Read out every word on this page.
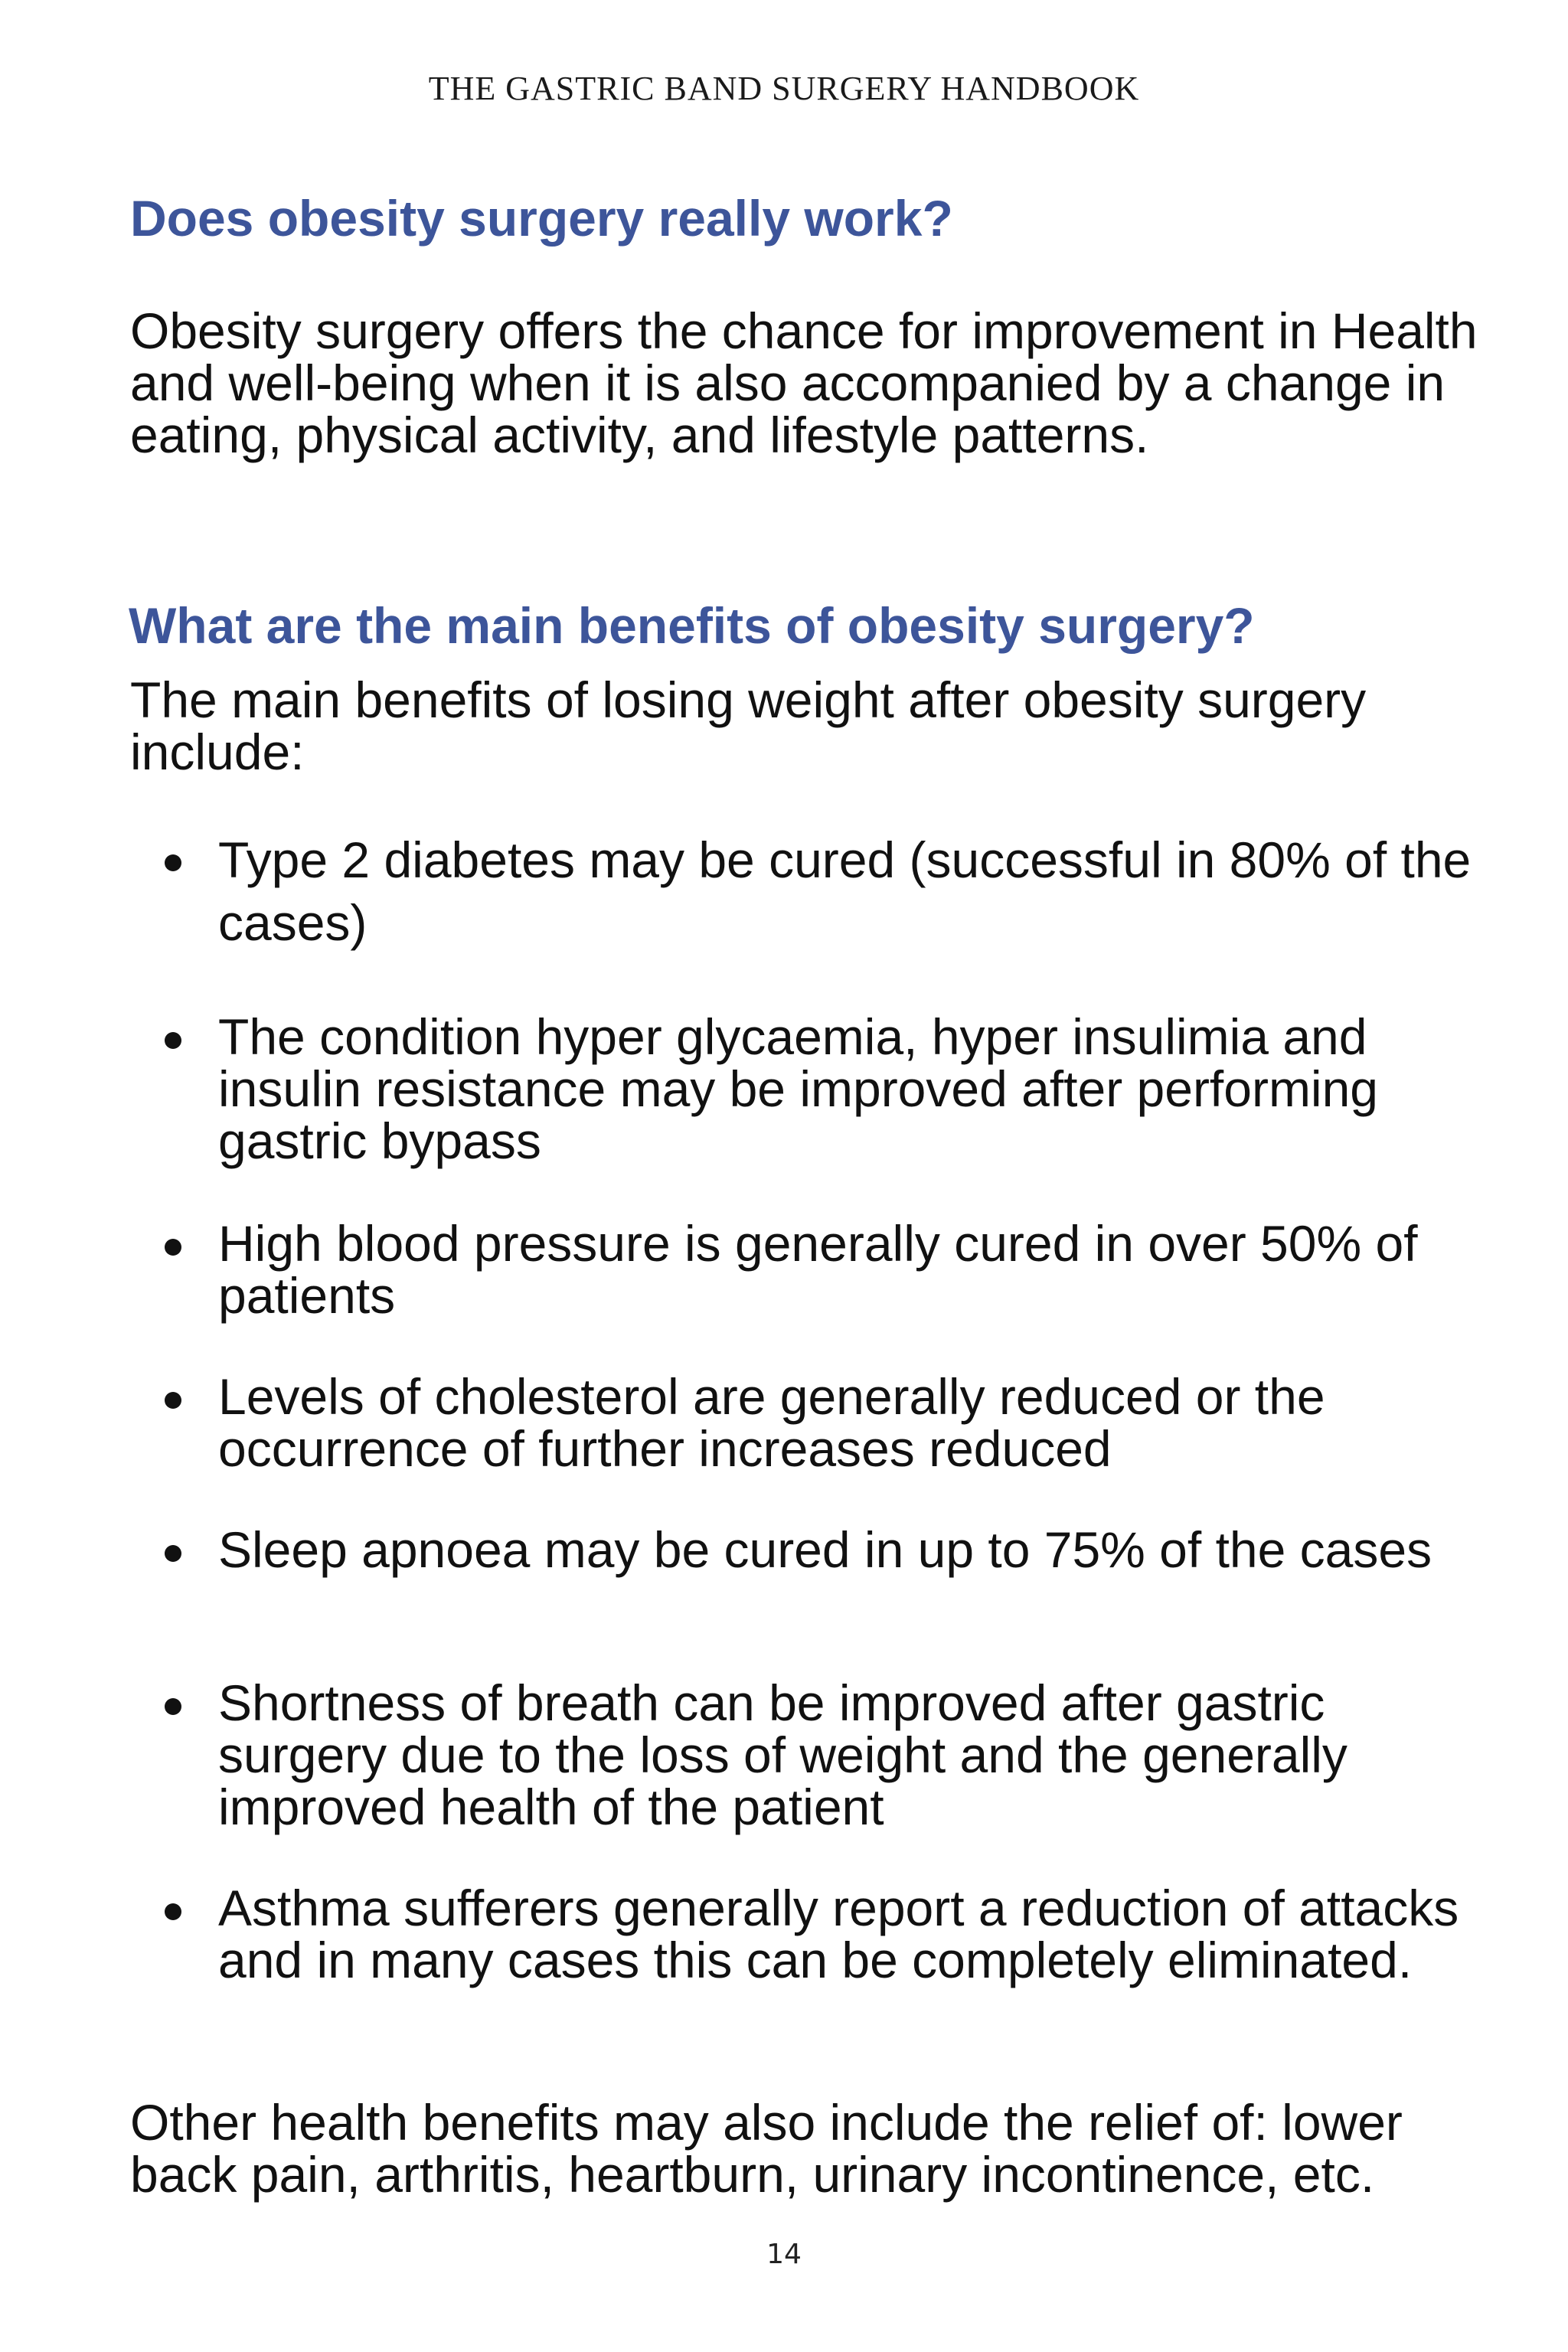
THE GASTRIC BAND SURGERY HANDBOOK
Does obesity surgery really work?

Obesity surgery offers the chance for improvement in Health and well-being when it is also accompanied by a change in eating, physical activity, and lifestyle patterns.

What are the main benefits of obesity surgery?

The main benefits of losing weight after obesity surgery include:

Type 2 diabetes may be cured (successful in 80% of the cases)
The condition hyper glycaemia, hyper insulimia and insulin resistance may be improved after performing gastric bypass
High blood pressure is generally cured in over 50% of patients
Levels of cholesterol are generally reduced or the occurrence of further increases reduced
Sleep apnoea may be cured in up to 75% of the cases
Shortness of breath can be improved after gastric surgery due to the loss of weight and the generally improved health of the patient
Asthma sufferers generally report a reduction of attacks and in many cases this can be completely eliminated.

Other health benefits may also include the relief of: lower back pain, arthritis, heartburn, urinary incontinence, etc.

14
